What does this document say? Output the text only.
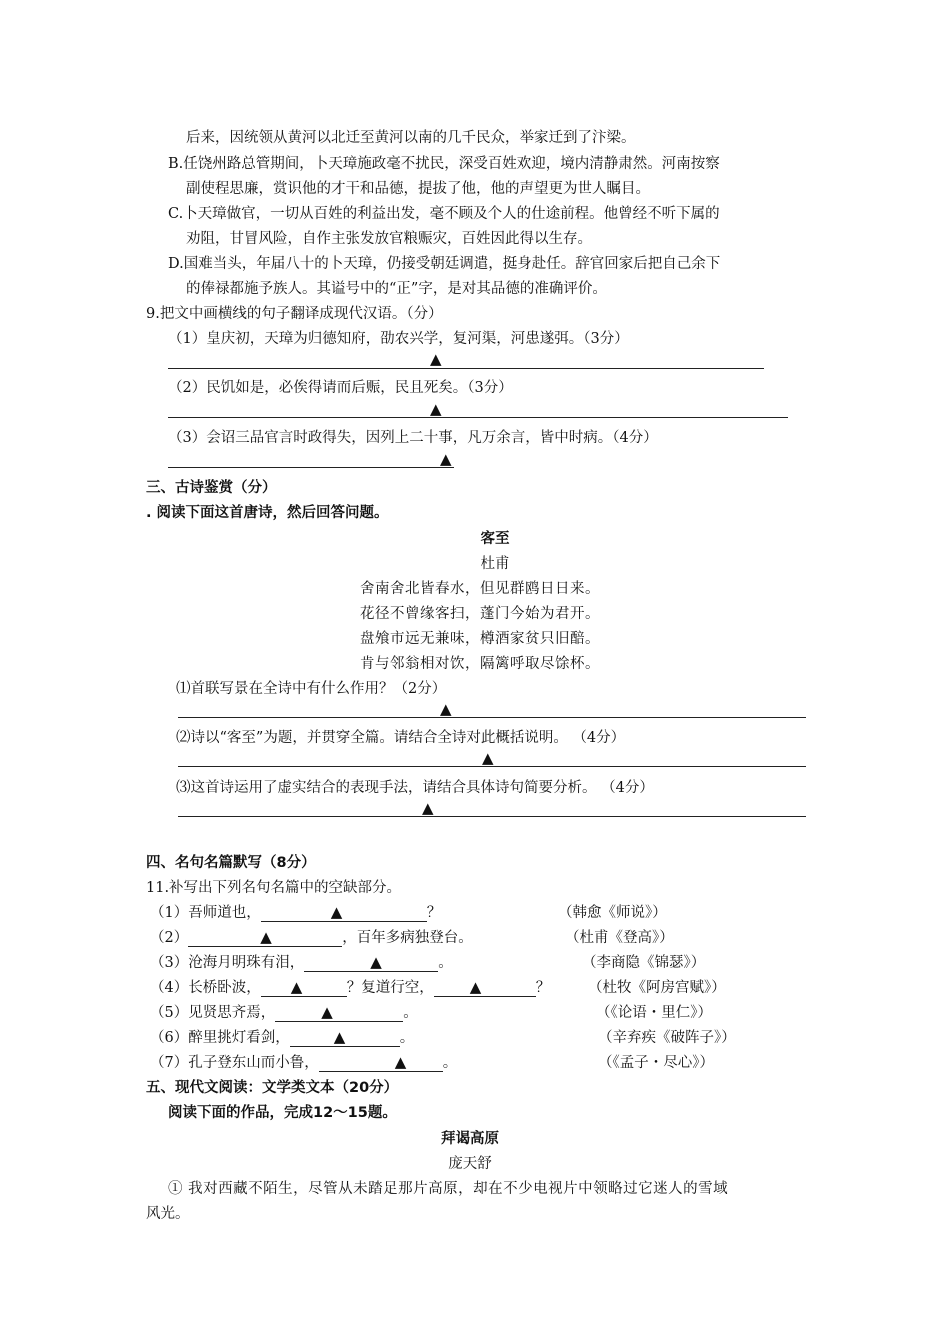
后来，因统领从黄河以北迁至黄河以南的几千民众，举家迁到了汴梁。
B.任饶州路总管期间，卜天璋施政毫不扰民，深受百姓欢迎，境内清静肃然。河南按察
副使程思廉，赏识他的才干和品德，提拔了他，他的声望更为世人瞩目。
C.卜天璋做官，一切从百姓的利益出发，毫不顾及个人的仕途前程。他曾经不听下属的
劝阻，甘冒风险，自作主张发放官粮赈灾，百姓因此得以生存。
D.国难当头，年届八十的卜天璋，仍接受朝廷调遣，挺身赴任。辞官回家后把自己余下
的俸禄都施予族人。其谥号中的“正”字，是对其品德的准确评价。
9.把文中画横线的句子翻译成现代汉语。（分）
（1）皇庆初，天璋为归德知府，劭农兴学，复河渠，河患遂弭。（3分）
▲
（2）民饥如是，必俟得请而后赈，民且死矣。（3分）
▲
（3）会诏三品官言时政得失，因列上二十事，凡万余言，皆中时病。（4分）
▲
三、古诗鉴赏（分）
. 阅读下面这首唐诗，然后回答问题。
客至
杜甫
舍南舍北皆春水，但见群鸥日日来。
花径不曾缘客扫，蓬门今始为君开。
盘飧市远无兼味，樽酒家贫只旧醅。
肯与邻翁相对饮，隔篱呼取尽馀杯。
⑴首联写景在全诗中有什么作用？（2分）
▲
⑵诗以“客至”为题，并贯穿全篇。请结合全诗对此概括说明。 （4分）
▲
⑶这首诗运用了虚实结合的表现手法，请结合具体诗句简要分析。 （4分）
▲
四、名句名篇默写（8分）
11.补写出下列名句名篇中的空缺部分。
（1）吾师道也，	▲	？	（韩愈《师说》）
（2）	▲	，百年多病独登台。	（杜甫《登高》）
（3）沧海月明珠有泪，	▲	。	（李商隐《锦瑟》）
（4）长桥卧波， ▲	？复道行空， ▲	？	（杜牧《阿房宫赋》）
（5）见贤思齐焉，	▲	。	（《论语・里仁》）
（6）醉里挑灯看剑，	▲	。	（辛弃疾《破阵子》）
（7）孔子登东山而小鲁，	▲	。	（《孟子・尽心》）
五、现代文阅读：文学类文本（20分）
阅读下面的作品，完成12～15题。
拜谒高原
庞天舒
① 我对西藏不陌生，尽管从未踏足那片高原，却在不少电视片中领略过它迷人的雪域
风光。
